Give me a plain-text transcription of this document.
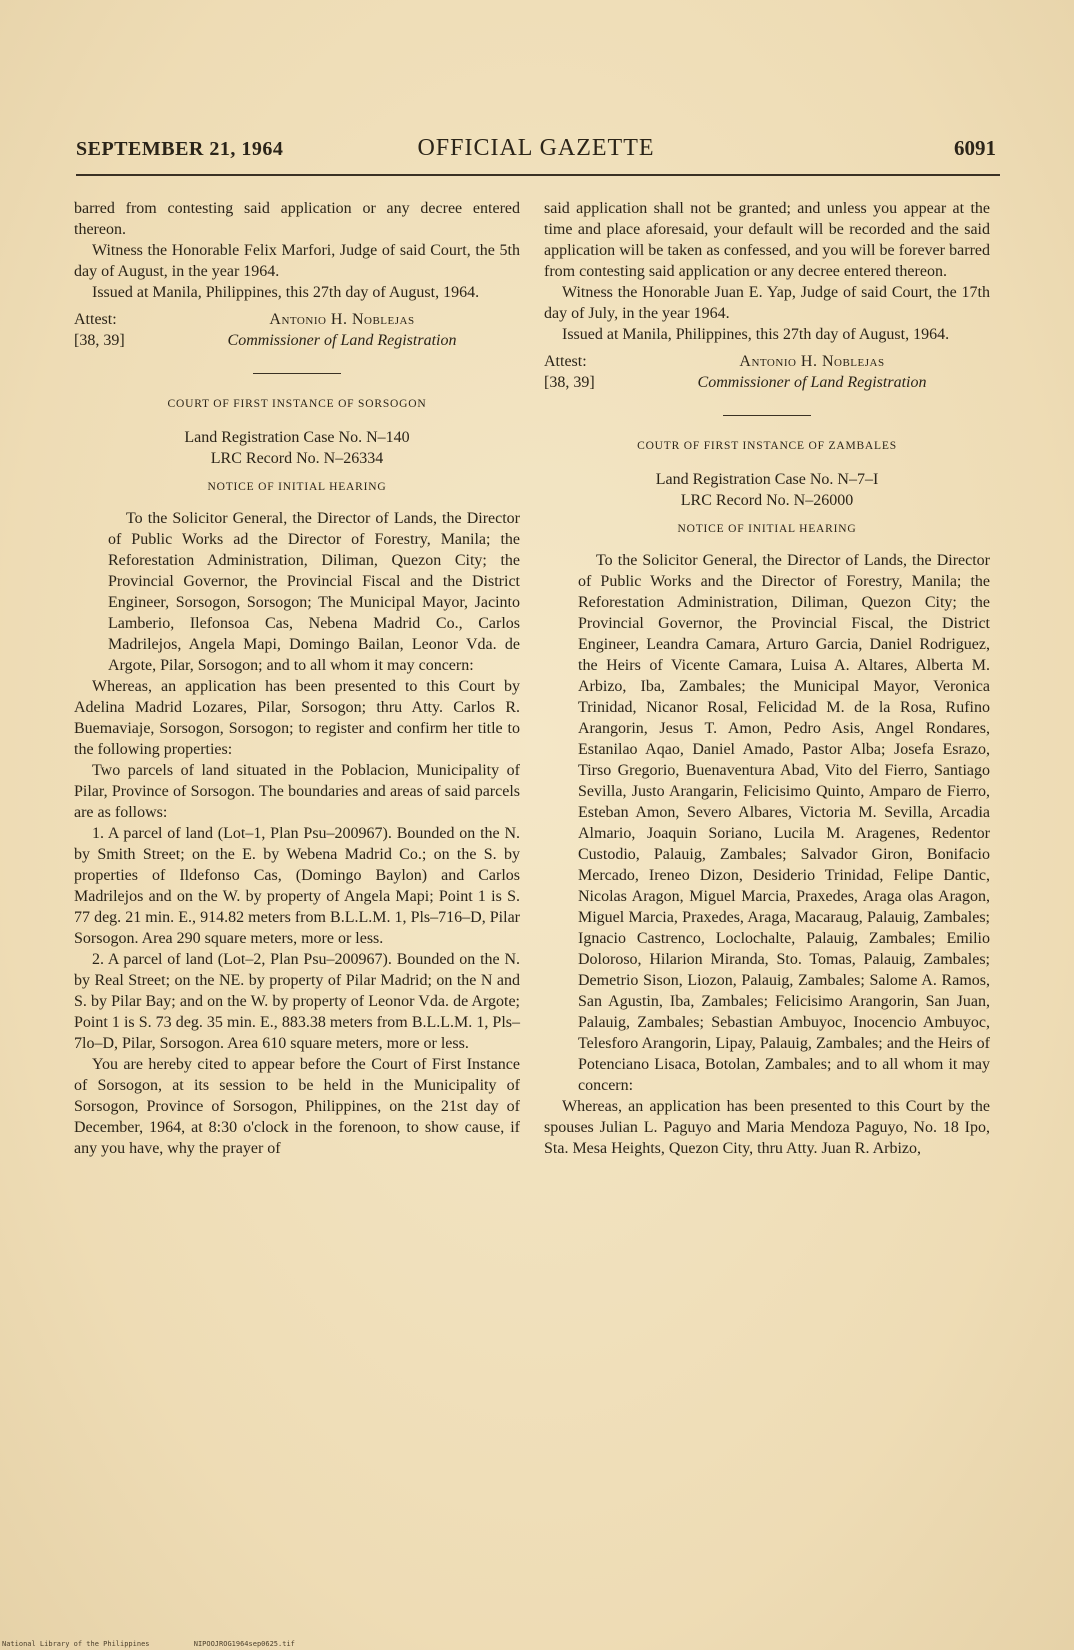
SEPTEMBER 21, 1964	OFFICIAL GAZETTE	6091

barred from contesting said application or any decree entered thereon.

Witness the Honorable Felix Marfori, Judge of said Court, the 5th day of August, in the year 1964.

Issued at Manila, Philippines, this 27th day of August, 1964.

Attest:
[38, 39]
Antonio H. Noblejas
Commissioner of Land Registration
COURT OF FIRST INSTANCE OF SORSOGON
Land Registration Case No. N–140
LRC Record No. N–26334
NOTICE OF INITIAL HEARING

To the Solicitor General, the Director of Lands, the Director of Public Works ad the Director of Forestry, Manila; the Reforestation Administration, Diliman, Quezon City; the Provincial Governor, the Provincial Fiscal and the District Engineer, Sorsogon, Sorsogon; The Municipal Mayor, Jacinto Lamberio, Ilefonsoa Cas, Nebena Madrid Co., Carlos Madrilejos, Angela Mapi, Domingo Bailan, Leonor Vda. de Argote, Pilar, Sorsogon; and to all whom it may concern:

Whereas, an application has been presented to this Court by Adelina Madrid Lozares, Pilar, Sorsogon; thru Atty. Carlos R. Buemaviaje, Sorsogon, Sorsogon; to register and confirm her title to the following properties:

Two parcels of land situated in the Poblacion, Municipality of Pilar, Province of Sorsogon. The boundaries and areas of said parcels are as follows:

1. A parcel of land (Lot–1, Plan Psu–200967). Bounded on the N. by Smith Street; on the E. by Webena Madrid Co.; on the S. by properties of Ildefonso Cas, (Domingo Baylon) and Carlos Madrilejos and on the W. by property of Angela Mapi; Point 1 is S. 77 deg. 21 min. E., 914.82 meters from B.L.L.M. 1, Pls–716–D, Pilar Sorsogon. Area 290 square meters, more or less.

2. A parcel of land (Lot–2, Plan Psu–200967). Bounded on the N. by Real Street; on the NE. by property of Pilar Madrid; on the N and S. by Pilar Bay; and on the W. by property of Leonor Vda. de Argote; Point 1 is S. 73 deg. 35 min. E., 883.38 meters from B.L.L.M. 1, Pls–7lo–D, Pilar, Sorsogon. Area 610 square meters, more or less.

You are hereby cited to appear before the Court of First Instance of Sorsogon, at its session to be held in the Municipality of Sorsogon, Province of Sorsogon, Philippines, on the 21st day of December, 1964, at 8:30 o'clock in the forenoon, to show cause, if any you have, why the prayer of

said application shall not be granted; and unless you appear at the time and place aforesaid, your default will be recorded and the said application will be taken as confessed, and you will be forever barred from contesting said application or any decree entered thereon.

Witness the Honorable Juan E. Yap, Judge of said Court, the 17th day of July, in the year 1964.

Issued at Manila, Philippines, this 27th day of August, 1964.

Attest:
[38, 39]
Antonio H. Noblejas
Commissioner of Land Registration
COUTR OF FIRST INSTANCE OF ZAMBALES
Land Registration Case No. N–7–I
LRC Record No. N–26000
NOTICE OF INITIAL HEARING

To the Solicitor General, the Director of Lands, the Director of Public Works and the Director of Forestry, Manila; the Reforestation Administration, Diliman, Quezon City; the Provincial Governor, the Provincial Fiscal, the District Engineer, Leandra Camara, Arturo Garcia, Daniel Rodriguez, the Heirs of Vicente Camara, Luisa A. Altares, Alberta M. Arbizo, Iba, Zambales; the Municipal Mayor, Veronica Trinidad, Nicanor Rosal, Felicidad M. de la Rosa, Rufino Arangorin, Jesus T. Amon, Pedro Asis, Angel Rondares, Estanilao Aqao, Daniel Amado, Pastor Alba; Josefa Esrazo, Tirso Gregorio, Buenaventura Abad, Vito del Fierro, Santiago Sevilla, Justo Arangarin, Felicisimo Quinto, Amparo de Fierro, Esteban Amon, Severo Albares, Victoria M. Sevilla, Arcadia Almario, Joaquin Soriano, Lucila M. Aragenes, Redentor Custodio, Palauig, Zambales; Salvador Giron, Bonifacio Mercado, Ireneo Dizon, Desiderio Trinidad, Felipe Dantic, Nicolas Aragon, Miguel Marcia, Praxedes, Araga olas Aragon, Miguel Marcia, Praxedes, Araga, Macaraug, Palauig, Zambales; Ignacio Castrenco, Loclochalte, Palauig, Zambales; Emilio Doloroso, Hilarion Miranda, Sto. Tomas, Palauig, Zambales; Demetrio Sison, Liozon, Palauig, Zambales; Salome A. Ramos, San Agustin, Iba, Zambales; Felicisimo Arangorin, San Juan, Palauig, Zambales; Sebastian Ambuyoc, Inocencio Ambuyoc, Telesforo Arangorin, Lipay, Palauig, Zambales; and the Heirs of Potenciano Lisaca, Botolan, Zambales; and to all whom it may concern:

Whereas, an application has been presented to this Court by the spouses Julian L. Paguyo and Maria Mendoza Paguyo, No. 18 Ipo, Sta. Mesa Heights, Quezon City, thru Atty. Juan R. Arbizo,

National Library of the Philippines	NIPOOJROG1964sep0625.tif
